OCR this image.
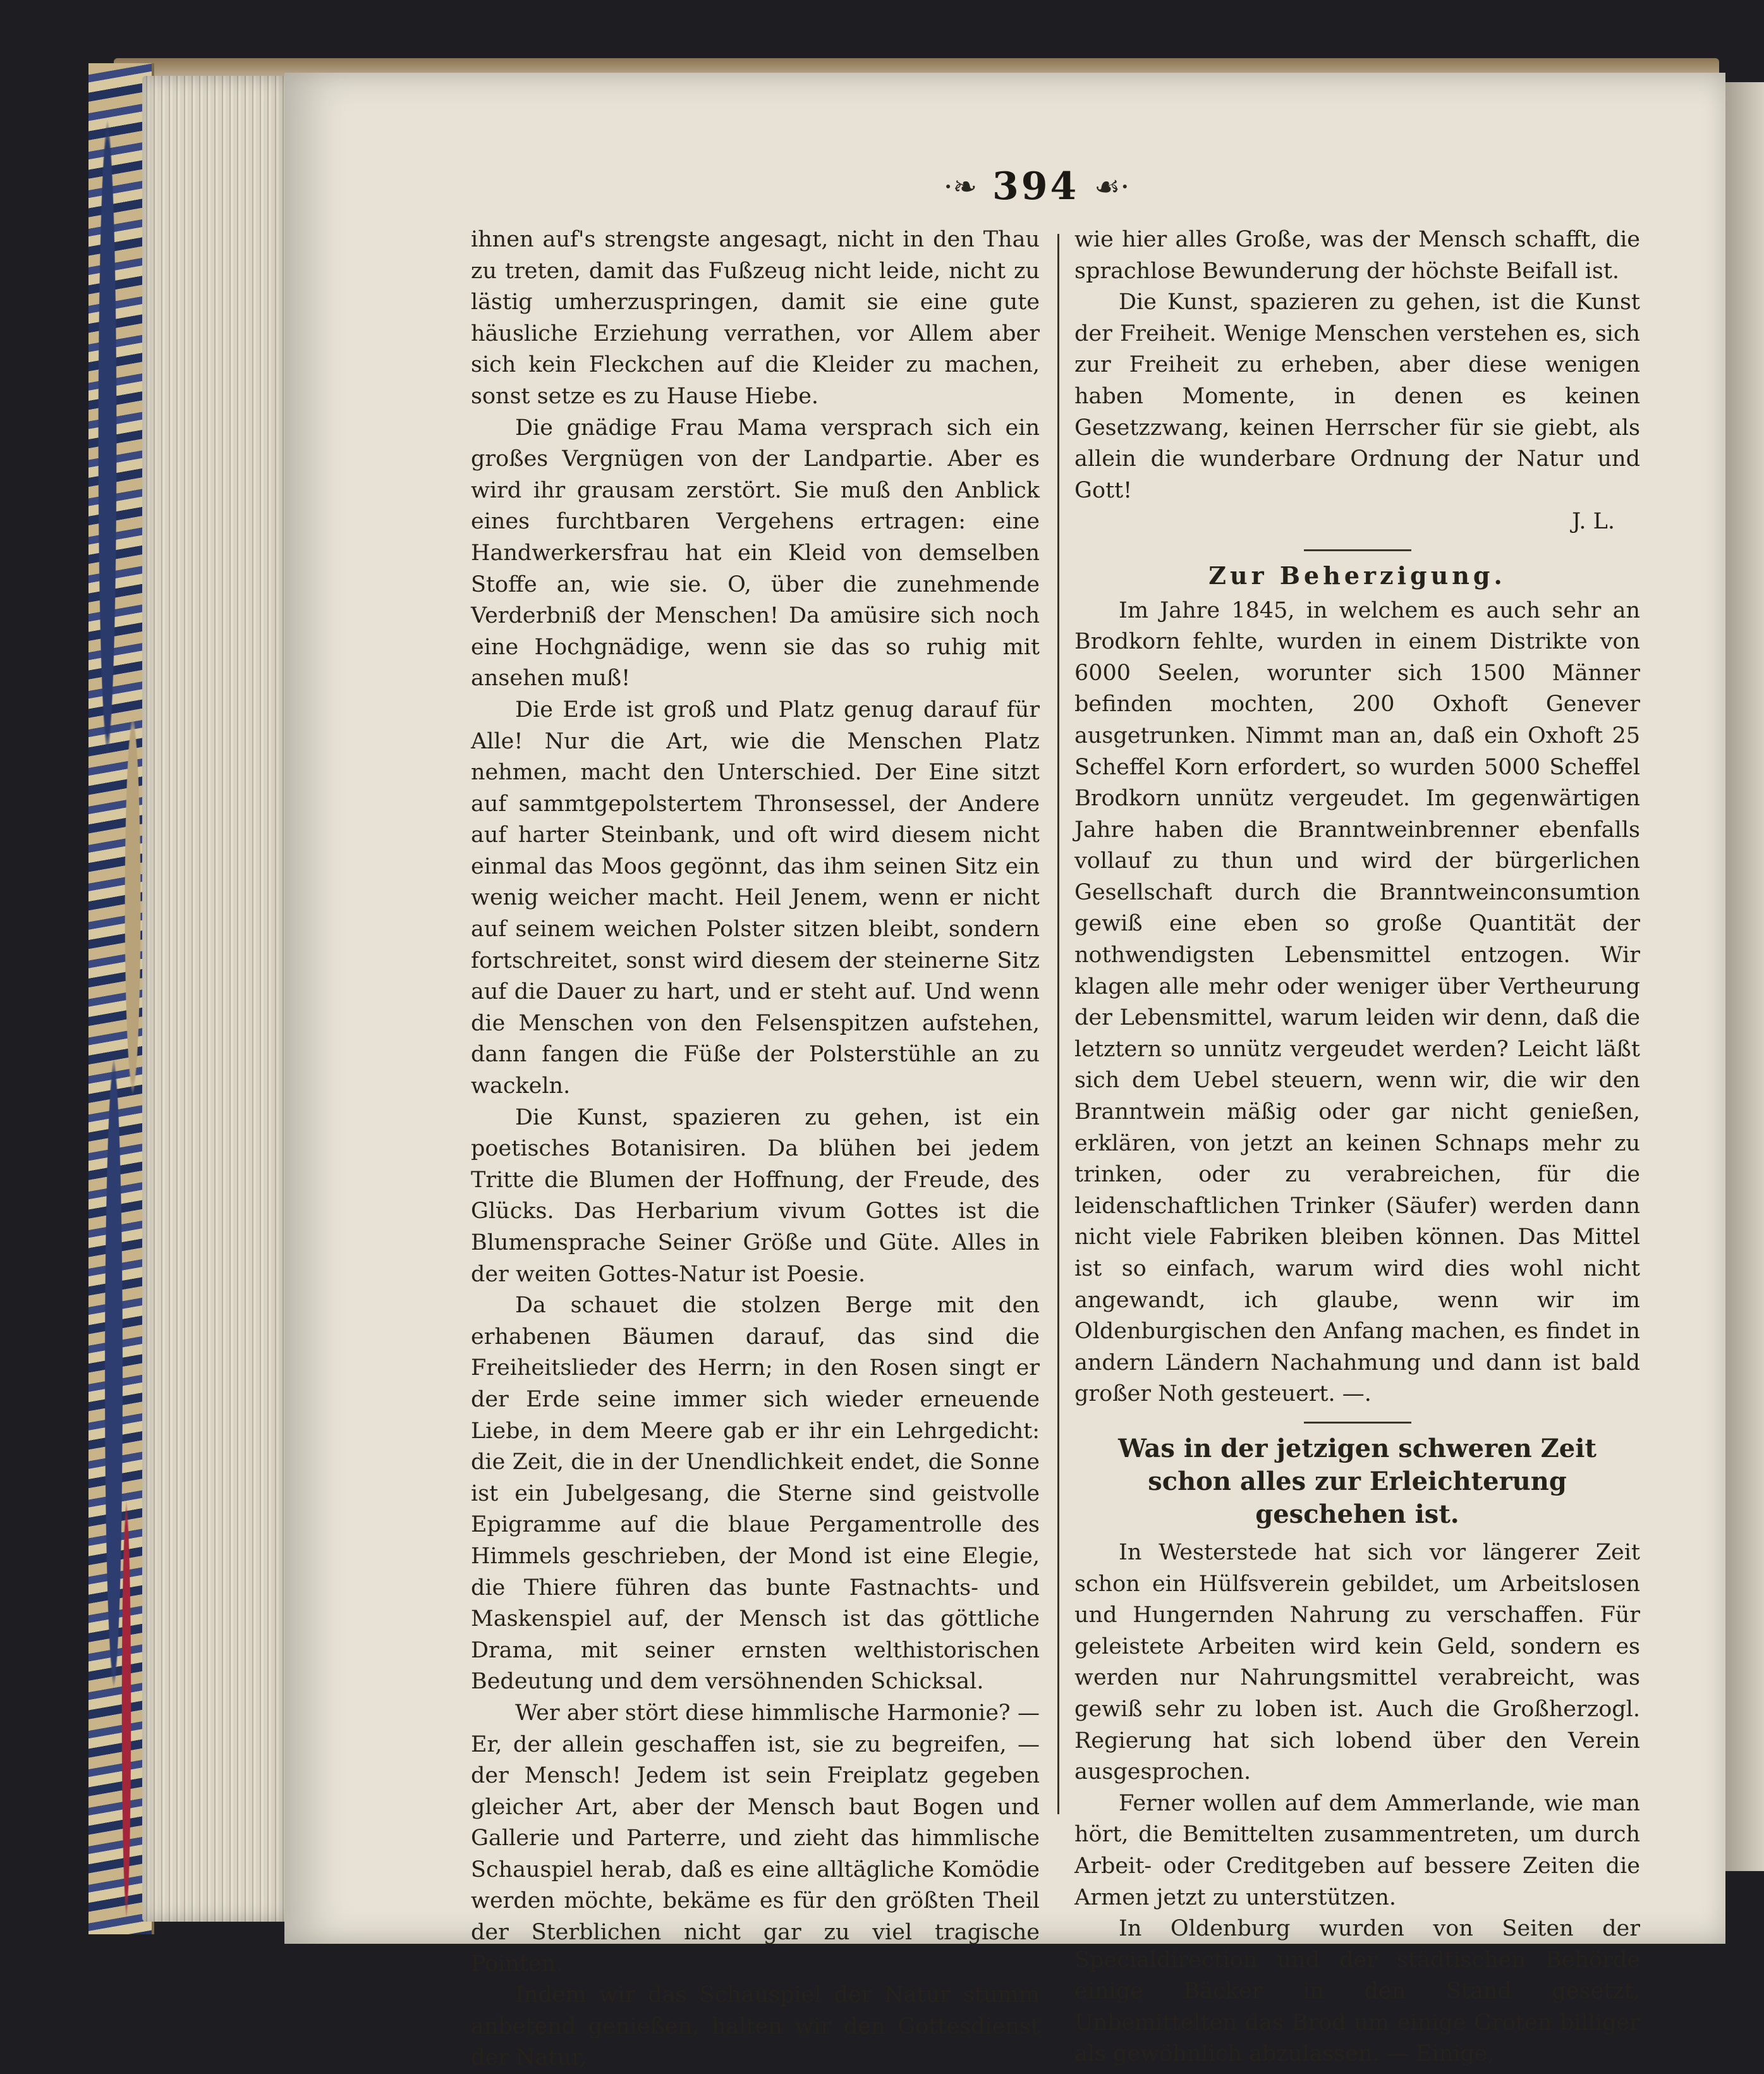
·❧ 394 ☙·

ihnen auf's strengste angesagt, nicht in den Thau zu treten, damit das Fußzeug nicht leide, nicht zu lästig umherzuspringen, damit sie eine gute häusliche Erziehung verrathen, vor Allem aber sich kein Fleckchen auf die Kleider zu machen, sonst setze es zu Hause Hiebe.

Die gnädige Frau Mama versprach sich ein großes Vergnügen von der Landpartie. Aber es wird ihr grausam zerstört. Sie muß den Anblick eines furchtbaren Vergehens ertragen: eine Handwerkersfrau hat ein Kleid von demselben Stoffe an, wie sie. O, über die zunehmende Verderbniß der Menschen! Da amüsire sich noch eine Hochgnädige, wenn sie das so ruhig mit ansehen muß!

Die Erde ist groß und Platz genug darauf für Alle! Nur die Art, wie die Menschen Platz nehmen, macht den Unterschied. Der Eine sitzt auf sammtgepolstertem Thronsessel, der Andere auf harter Steinbank, und oft wird diesem nicht einmal das Moos gegönnt, das ihm seinen Sitz ein wenig weicher macht. Heil Jenem, wenn er nicht auf seinem weichen Polster sitzen bleibt, sondern fortschreitet, sonst wird diesem der steinerne Sitz auf die Dauer zu hart, und er steht auf. Und wenn die Menschen von den Felsenspitzen aufstehen, dann fangen die Füße der Polsterstühle an zu wackeln.

Die Kunst, spazieren zu gehen, ist ein poetisches Botanisiren. Da blühen bei jedem Tritte die Blumen der Hoffnung, der Freude, des Glücks. Das Herbarium vivum Gottes ist die Blumensprache Seiner Größe und Güte. Alles in der weiten Gottes-Natur ist Poesie.

Da schauet die stolzen Berge mit den erhabenen Bäumen darauf, das sind die Freiheitslieder des Herrn; in den Rosen singt er der Erde seine immer sich wieder erneuende Liebe, in dem Meere gab er ihr ein Lehrgedicht: die Zeit, die in der Unendlichkeit endet, die Sonne ist ein Jubelgesang, die Sterne sind geistvolle Epigramme auf die blaue Pergamentrolle des Himmels geschrieben, der Mond ist eine Elegie, die Thiere führen das bunte Fastnachts- und Maskenspiel auf, der Mensch ist das göttliche Drama, mit seiner ernsten welthistorischen Bedeutung und dem versöhnenden Schicksal.

Wer aber stört diese himmlische Harmonie? — Er, der allein geschaffen ist, sie zu begreifen, — der Mensch! Jedem ist sein Freiplatz gegeben gleicher Art, aber der Mensch baut Bogen und Gallerie und Parterre, und zieht das himmlische Schauspiel herab, daß es eine alltägliche Komödie werden möchte, bekäme es für den größten Theil der Sterblichen nicht gar zu viel tragische Pointen.

Indem wir das Schauspiel der Natur stumm anbetend genießen, halten wir den Gottesdienst der Natur,

wie hier alles Große, was der Mensch schafft, die sprachlose Bewunderung der höchste Beifall ist.

Die Kunst, spazieren zu gehen, ist die Kunst der Freiheit. Wenige Menschen verstehen es, sich zur Freiheit zu erheben, aber diese wenigen haben Momente, in denen es keinen Gesetzzwang, keinen Herrscher für sie giebt, als allein die wunderbare Ordnung der Natur und Gott!

J. L.
Zur Beherzigung.

Im Jahre 1845, in welchem es auch sehr an Brodkorn fehlte, wurden in einem Distrikte von 6000 Seelen, worunter sich 1500 Männer befinden mochten, 200 Oxhoft Genever ausgetrunken. Nimmt man an, daß ein Oxhoft 25 Scheffel Korn erfordert, so wurden 5000 Scheffel Brodkorn unnütz vergeudet. Im gegenwärtigen Jahre haben die Branntweinbrenner ebenfalls vollauf zu thun und wird der bürgerlichen Gesellschaft durch die Branntweinconsumtion gewiß eine eben so große Quantität der nothwendigsten Lebensmittel entzogen. Wir klagen alle mehr oder weniger über Vertheurung der Lebensmittel, warum leiden wir denn, daß die letztern so unnütz vergeudet werden? Leicht läßt sich dem Uebel steuern, wenn wir, die wir den Branntwein mäßig oder gar nicht genießen, erklären, von jetzt an keinen Schnaps mehr zu trinken, oder zu verabreichen, für die leidenschaftlichen Trinker (Säufer) werden dann nicht viele Fabriken bleiben können. Das Mittel ist so einfach, warum wird dies wohl nicht angewandt, ich glaube, wenn wir im Oldenburgischen den Anfang machen, es findet in andern Ländern Nachahmung und dann ist bald großer Noth gesteuert. —.

Was in der jetzigen schweren Zeit schon alles zur Erleichterung geschehen ist.

In Westerstede hat sich vor längerer Zeit schon ein Hülfsverein gebildet, um Arbeitslosen und Hungernden Nahrung zu verschaffen. Für geleistete Arbeiten wird kein Geld, sondern es werden nur Nahrungsmittel verabreicht, was gewiß sehr zu loben ist. Auch die Großherzogl. Regierung hat sich lobend über den Verein ausgesprochen.

Ferner wollen auf dem Ammerlande, wie man hört, die Bemittelten zusammentreten, um durch Arbeit- oder Creditgeben auf bessere Zeiten die Armen jetzt zu unterstützen.

In Oldenburg wurden von Seiten der Specialdirection und der städtischen Behörde einige Bäcker in den Stand gesetzt, Unbemittelten das Brod um einige Groten billiger als gewöhnlich abzulassen. — Einige,
